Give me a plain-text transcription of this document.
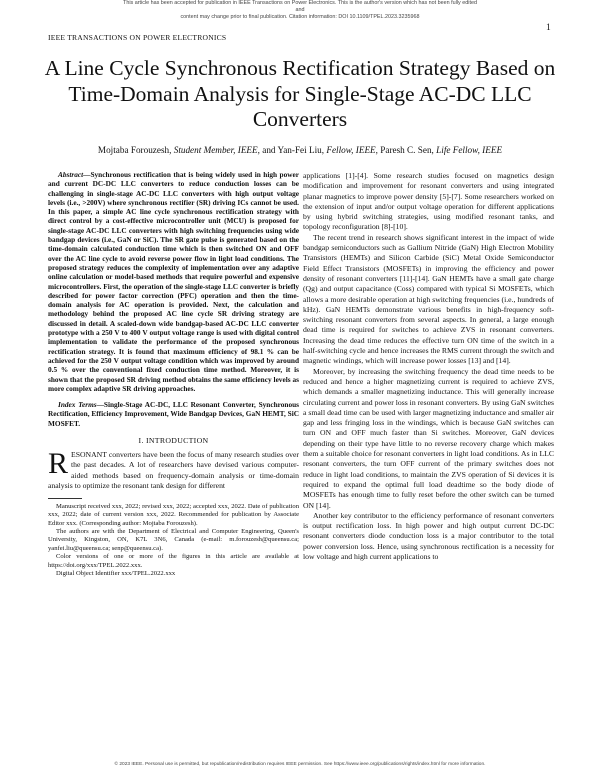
This article has been accepted for publication in IEEE Transactions on Power Electronics. This is the author's version which has not been fully edited and
content may change prior to final publication. Citation information: DOI 10.1109/TPEL.2023.3235968
IEEE TRANSACTIONS ON POWER ELECTRONICS
1
A Line Cycle Synchronous Rectification Strategy Based on Time-Domain Analysis for Single-Stage AC-DC LLC Converters
Mojtaba Forouzesh, Student Member, IEEE, and Yan-Fei Liu, Fellow, IEEE, Paresh C. Sen, Life Fellow, IEEE

Abstract—Synchronous rectification that is being widely used in high power and current DC-DC LLC converters to reduce conduction losses can be challenging in single-stage AC-DC LLC converters with high output voltage levels (i.e., >200V) where synchronous rectifier (SR) driving ICs cannot be used. In this paper, a simple AC line cycle synchronous rectification strategy with direct control by a cost-effective microcontroller unit (MCU) is proposed for single-stage AC-DC LLC converters with high switching frequencies using wide bandgap devices (i.e., GaN or SiC). The SR gate pulse is generated based on the time-domain calculated conduction time which is then switched ON and OFF over the AC line cycle to avoid reverse power flow in light load conditions. The proposed strategy reduces the complexity of implementation over any adaptive online calculation or model-based methods that require powerful and expensive microcontrollers. First, the operation of the single-stage LLC converter is briefly described for power factor correction (PFC) operation and then the time-domain analysis for AC operation is provided. Next, the calculation and methodology behind the proposed AC line cycle SR driving strategy are discussed in detail. A scaled-down wide bandgap-based AC-DC LLC converter prototype with a 250 V to 400 V output voltage range is used with digital control implementation to validate the performance of the proposed synchronous rectification strategy. It is found that maximum efficiency of 98.1 % can be achieved for the 250 V output voltage condition which was improved by around 0.5 % over the conventional fixed conduction time method. Moreover, it is shown that the proposed SR driving method obtains the same efficiency levels as more complex adaptive SR driving approaches.

Index Terms—Single-Stage AC-DC, LLC Resonant Converter, Synchronous Rectification, Efficiency Improvement, Wide Bandgap Devices, GaN HEMT, SiC MOSFET.

I. INTRODUCTION

RESONANT converters have been the focus of many research studies over the past decades. A lot of researchers have devised various computer-aided methods based on frequency-domain analysis or time-domain analysis to optimize the resonant tank design for different

Manuscript received xxx, 2022; revised xxx, 2022; accepted xxx, 2022. Date of publication xxx, 2022; date of current version xxx, 2022. Recommended for publication by Associate Editor xxx. (Corresponding author: Mojtaba Forouzesh).

The authors are with the Department of Electrical and Computer Engineering, Queen's University, Kingston, ON, K7L 3N6, Canada (e-mail: m.forouzesh@queensu.ca; yanfei.liu@queensu.ca; senp@queensu.ca).

Color versions of one or more of the figures in this article are available at https://doi.org/xxx/TPEL.2022.xxx.

Digital Object Identifier xxx/TPEL.2022.xxx

applications [1]-[4]. Some research studies focused on magnetics design modification and improvement for resonant converters and using integrated planar magnetics to improve power density [5]-[7]. Some researchers worked on the extension of input and/or output voltage operation for different applications by using hybrid switching strategies, using modified resonant tanks, and topology reconfiguration [8]-[10].

The recent trend in research shows significant interest in the impact of wide bandgap semiconductors such as Gallium Nitride (GaN) High Electron Mobility Transistors (HEMTs) and Silicon Carbide (SiC) Metal Oxide Semiconductor Field Effect Transistors (MOSFETs) in improving the efficiency and power density of resonant converters [11]-[14]. GaN HEMTs have a small gate charge (Qg) and output capacitance (Coss) compared with typical Si MOSFETs, which allows a more desirable operation at high switching frequencies (i.e., hundreds of kHz). GaN HEMTs demonstrate various benefits in high-frequency soft-switching resonant converters from several aspects. In general, a large enough dead time is required for switches to achieve ZVS in resonant converters. Increasing the dead time reduces the effective turn ON time of the switch in a half-switching cycle and hence increases the RMS current through the switch and magnetic windings, which will increase power losses [13] and [14].

Moreover, by increasing the switching frequency the dead time needs to be reduced and hence a higher magnetizing current is required to achieve ZVS, which demands a smaller magnetizing inductance. This will generally increase circulating current and power loss in resonant converters. By using GaN switches a small dead time can be used with larger magnetizing inductance and smaller air gap and less fringing loss in the windings, which is because GaN switches can turn ON and OFF much faster than Si switches. Moreover, GaN devices depending on their type have little to no reverse recovery charge which makes them a suitable choice for resonant converters in light load conditions. As in LLC resonant converters, the turn OFF current of the primary switches does not reduce in light load conditions, to maintain the ZVS operation of Si devices it is required to expand the optimal full load deadtime so the body diode of MOSFETs has enough time to fully reset before the other switch can be turned ON [14].

Another key contributor to the efficiency performance of resonant converters is output rectification loss. In high power and high output current DC-DC resonant converters diode conduction loss is a major contributor to the total power conversion loss. Hence, using synchronous rectification is a necessity for low voltage and high current applications to

© 2023 IEEE. Personal use is permitted, but republication/redistribution requires IEEE permission. See https://www.ieee.org/publications/rights/index.html for more information.
